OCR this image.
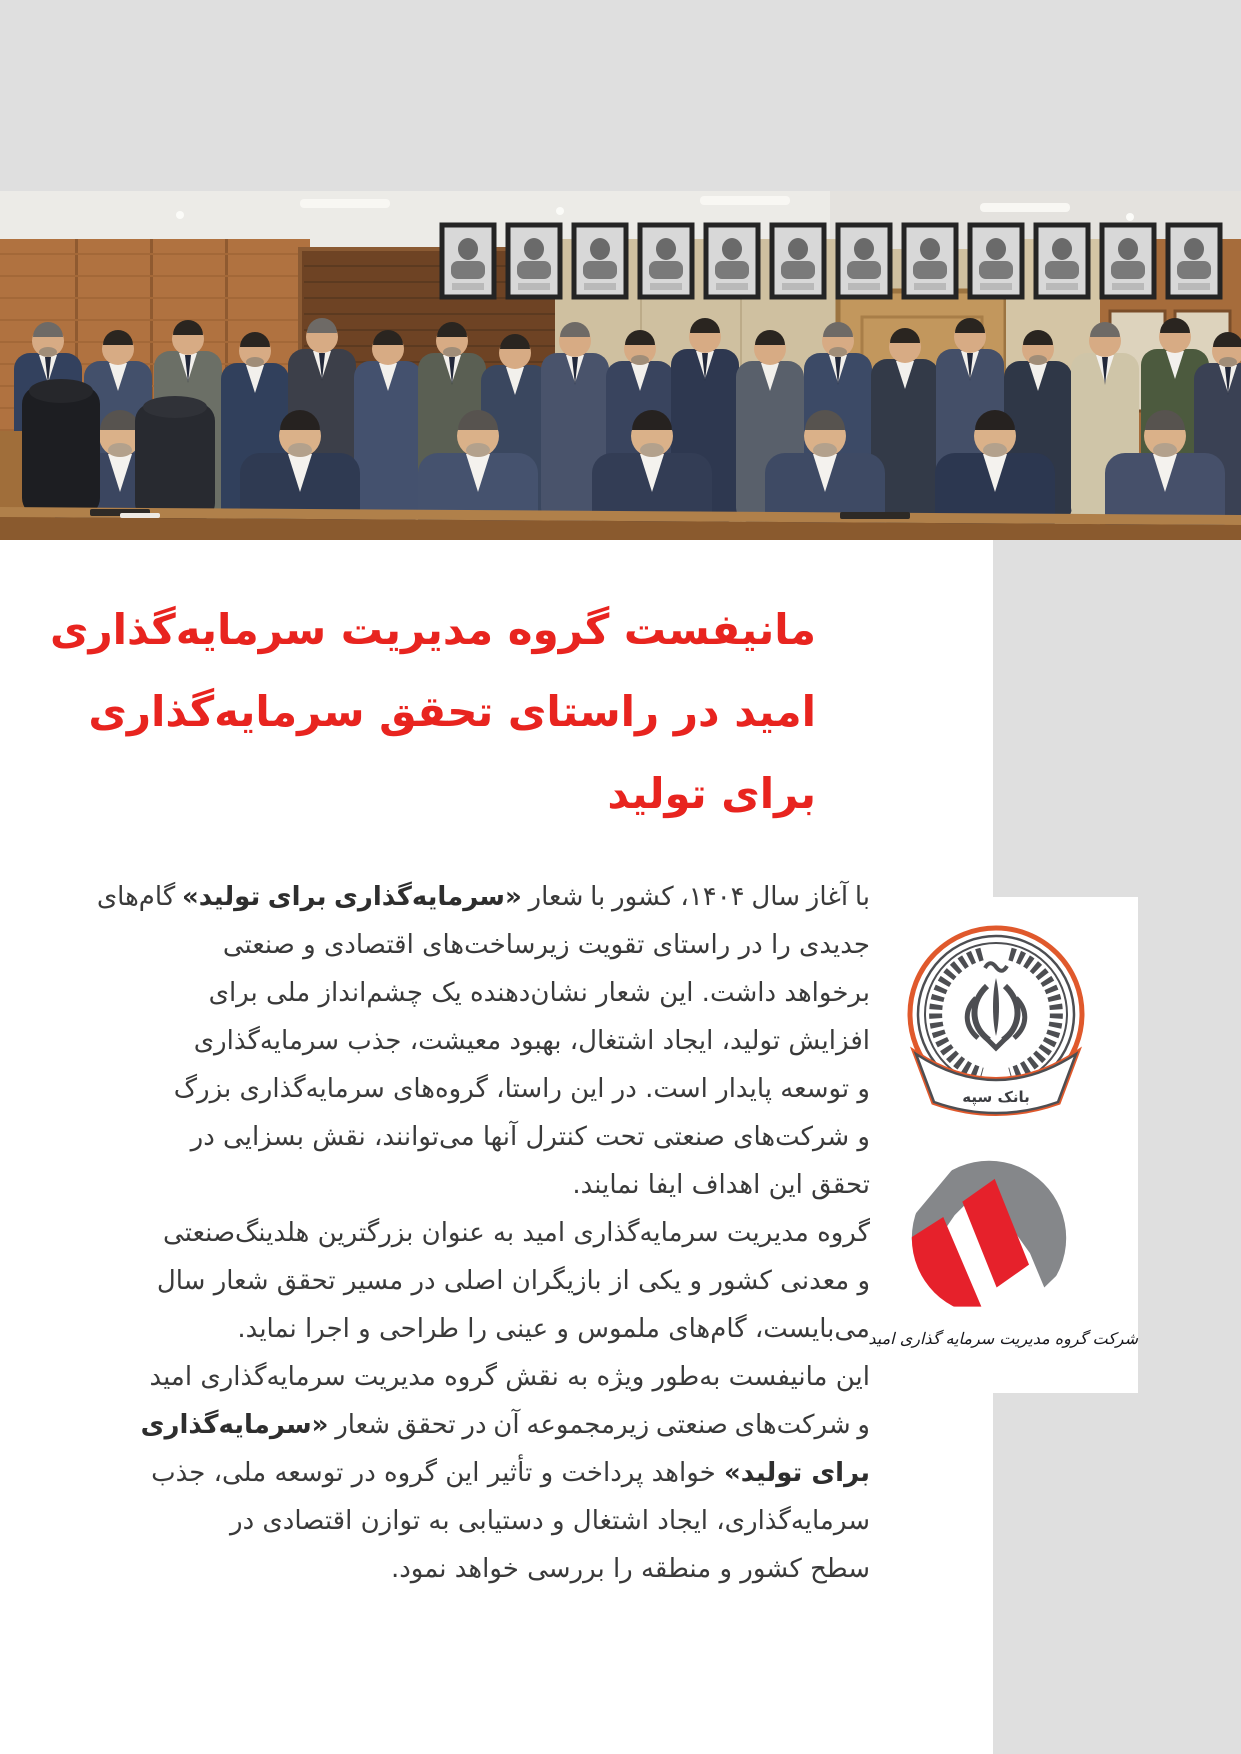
مانیفست گروه مدیریت سرمایه‌گذاری
امید در راستای تحقق سرمایه‌گذاری
برای تولید
با آغاز سال ۱۴۰۴، کشور با شعار «سرمایه‌گذاری برای تولید» گام‌های
جدیدی را در راستای تقویت زیرساخت‌های اقتصادی و صنعتی
برخواهد داشت. این شعار نشان‌دهنده یک چشم‌انداز ملی برای
افزایش تولید، ایجاد اشتغال، بهبود معیشت، جذب سرمایه‌گذاری
و توسعه پایدار است. در این راستا، گروه‌های سرمایه‌گذاری بزرگ
و شرکت‌های صنعتی تحت کنترل آنها می‌توانند، نقش بسزایی در
تحقق این اهداف ایفا نمایند.
گروه مدیریت سرمایه‌گذاری امید به عنوان بزرگترین هلدینگ‌صنعتی
و معدنی کشور و یکی از بازیگران اصلی در مسیر تحقق شعار سال
می‌بایست، گام‌های ملموس و عینی را طراحی و اجرا نماید.
این مانیفست به‌طور ویژه به نقش گروه مدیریت سرمایه‌گذاری امید
و شرکت‌های صنعتی زیرمجموعه آن در تحقق شعار «سرمایه‌گذاری
برای تولید» خواهد پرداخت و تأثیر این گروه در توسعه ملی، جذب
سرمایه‌گذاری، ایجاد اشتغال و دستیابی به توازن اقتصادی در
سطح کشور و منطقه را بررسی خواهد نمود.
بانک سپه
شرکت گروه مدیریت سرمایه گذاری امید
